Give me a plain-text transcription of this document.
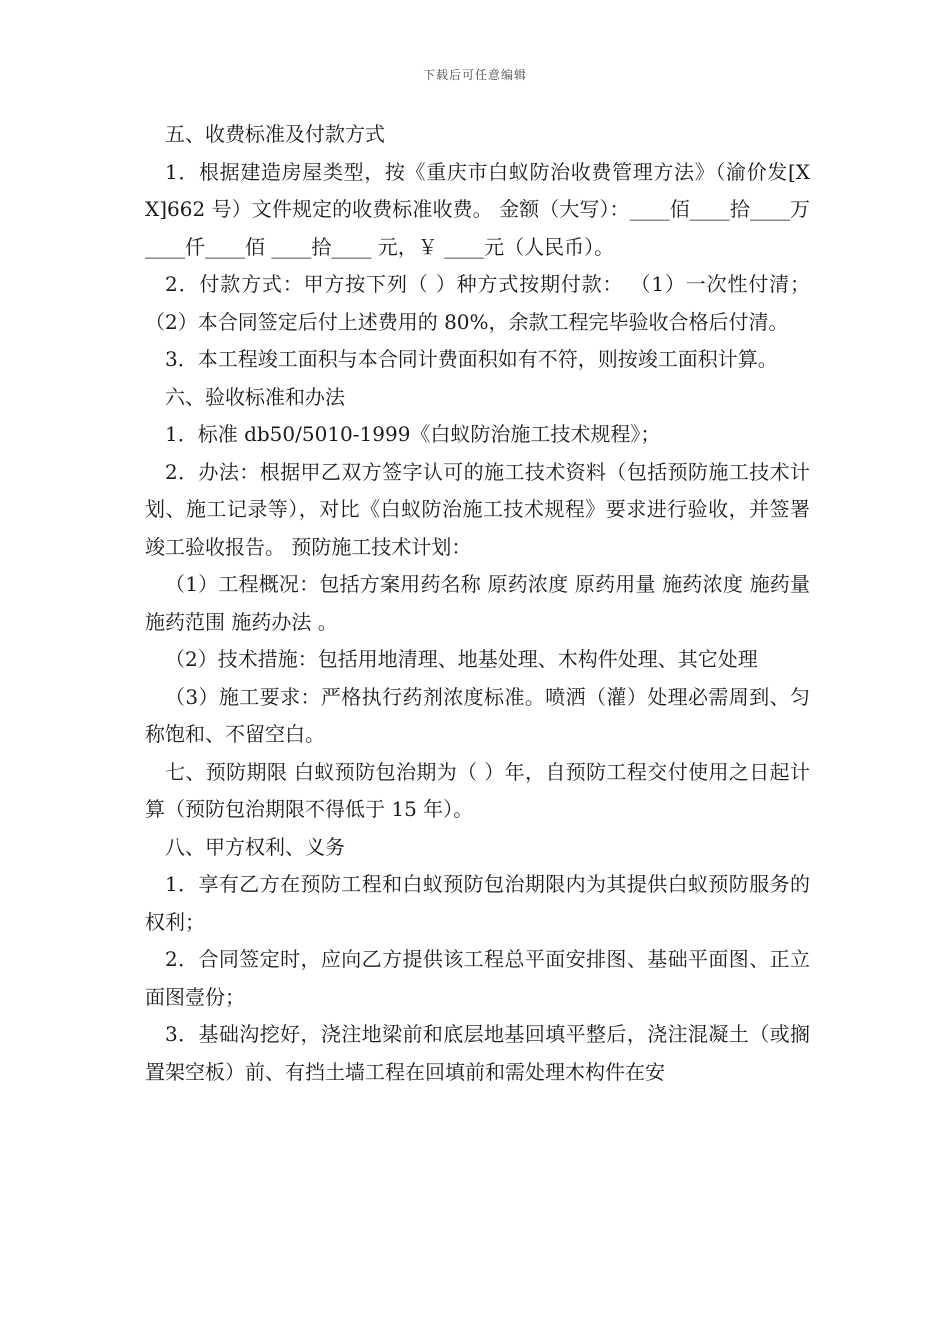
下载后可任意编辑

五、收费标准及付款方式

1．根据建造房屋类型，按《重庆市白蚁防治收费管理方法》（渝价发[XX]662 号）文件规定的收费标准收费。 金额（大写）：____佰____拾____万____仟____佰 ____拾____ 元，￥ ____元（人民币）。

2．付款方式：甲方按下列（ ）种方式按期付款： （1）一次性付清； （2）本合同签定后付上述费用的 80%，余款工程完毕验收合格后付清。

3．本工程竣工面积与本合同计费面积如有不符，则按竣工面积计算。

六、验收标准和办法

1．标准 db50/5010-1999《白蚁防治施工技术规程》；

2．办法：根据甲乙双方签字认可的施工技术资料（包括预防施工技术计划、施工记录等），对比《白蚁防治施工技术规程》要求进行验收，并签署竣工验收报告。 预防施工技术计划：

（1）工程概况：包括方案用药名称 原药浓度 原药用量 施药浓度 施药量 施药范围 施药办法 。

（2）技术措施：包括用地清理、地基处理、木构件处理、其它处理

（3）施工要求：严格执行药剂浓度标准。喷洒（灌）处理必需周到、匀称饱和、不留空白。

七、预防期限 白蚁预防包治期为（ ）年，自预防工程交付使用之日起计算（预防包治期限不得低于 15 年）。

八、甲方权利、义务

1．享有乙方在预防工程和白蚁预防包治期限内为其提供白蚁预防服务的权利；

2．合同签定时，应向乙方提供该工程总平面安排图、基础平面图、正立面图壹份；

3．基础沟挖好，浇注地梁前和底层地基回填平整后，浇注混凝土（或搁置架空板）前、有挡土墙工程在回填前和需处理木构件在安
